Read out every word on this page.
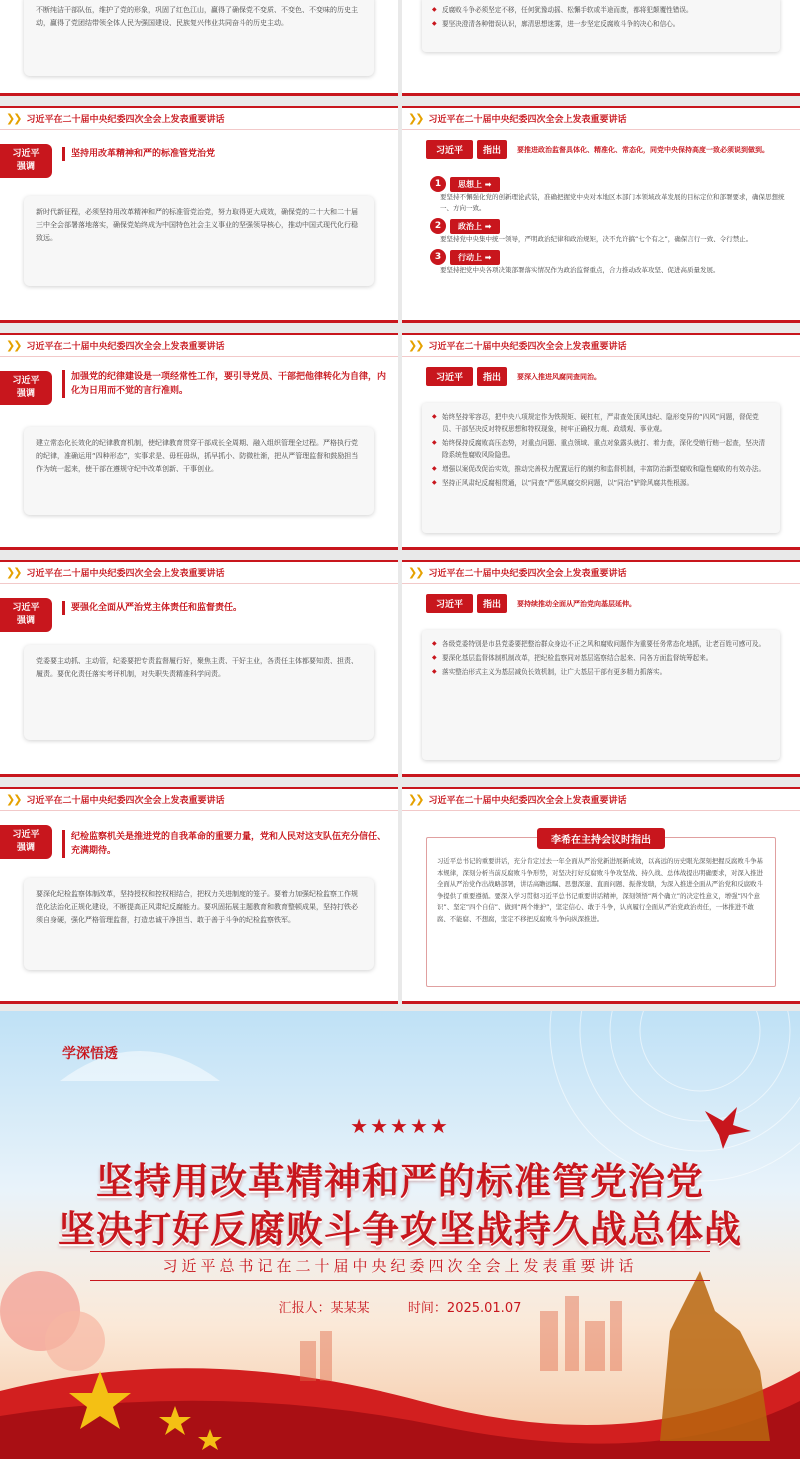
不断纯洁干部队伍，维护了党的形象，巩固了红色江山，赢得了确保党不变质、不变色、不变味的历史主动，赢得了党团结带领全体人民为强国建设、民族复兴伟业共同奋斗的历史主动。
◆ 反腐败斗争必须坚定不移，任何犹豫动摇、松懈手软或半途而废，都将犯颠覆性错误。
◆ 要坚决澄清各种错误认识，廓清思想迷雾，进一步坚定反腐败斗争的决心和信心。
❯❯ 习近平在二十届中央纪委四次全会上发表重要讲话
习近平
强调
坚持用改革精神和严的标准管党治党
新时代新征程，必须坚持用改革精神和严的标准管党治党，努力取得更大成效，确保党的二十大和二十届三中全会部署落地落实，确保党始终成为中国特色社会主义事业的坚强领导核心，推动中国式现代化行稳致远。
❯❯ 习近平在二十届中央纪委四次全会上发表重要讲话
习近平
强调
加强党的纪律建设是一项经常性工作，要引导党员、干部把他律转化为自律，内化为日用而不觉的言行准则。
建立常态化长效化的纪律教育机制，使纪律教育贯穿干部成长全周期、融入组织管理全过程。严格执行党的纪律，准确运用“四种形态”，实事求是、毋枉毋纵，抓早抓小、防微杜渐，把从严管理监督和鼓励担当作为统一起来，使干部在遵规守纪中改革创新、干事创业。
❯❯ 习近平在二十届中央纪委四次全会上发表重要讲话
习近平
强调
要强化全面从严治党主体责任和监督责任。
党委要主动抓、主动管，纪委要把专责监督履行好，聚焦主责、干好主业，各责任主体都要知责、担责、履责。要优化责任落实考评机制，对失职失责精准科学问责。
❯❯ 习近平在二十届中央纪委四次全会上发表重要讲话
习近平
强调
纪检监察机关是推进党的自我革命的重要力量，党和人民对这支队伍充分信任、充满期待。
要深化纪检监察体制改革，坚持授权和控权相结合，把权力关进制度的笼子。要着力加强纪检监察工作规范化法治化正规化建设，不断提高正风肃纪反腐能力。要巩固拓展主题教育和教育整顿成果，坚持打铁必须自身硬，强化严格管理监督，打造忠诚干净担当、敢于善于斗争的纪检监察铁军。
❯❯ 习近平在二十届中央纪委四次全会上发表重要讲话
习近平	指出	要推进政治监督具体化、精准化、常态化，同党中央保持高度一致必须说到做到。
1	思想上 ➡
要坚持不懈强化党的创新理论武装，准确把握党中央对本地区本部门本领域改革发展的目标定位和部署要求，确保思想统一、方向一致。
2	政治上 ➡
要坚持党中央集中统一领导，严明政治纪律和政治规矩，决不允许搞“七个有之”，确保言行一致、令行禁止。
3	行动上 ➡
要坚持把党中央各项决策部署落实情况作为政治监督重点，合力推动改革攻坚、促进高质量发展。
❯❯ 习近平在二十届中央纪委四次全会上发表重要讲话
习近平	指出	要深入推进风腐同查同治。
◆ 始终坚持零容忍，把中央八项规定作为铁规矩、硬杠杠，严肃查处顶风违纪、隐形变异的“四风”问题，督促党员、干部坚决反对特权思想和特权现象，树牢正确权力观、政绩观、事业观。
◆ 始终保持反腐败高压态势，对重点问题、重点领域、重点对象露头就打、着力查，深化受贿行贿一起查，坚决清除系统性腐败风险隐患。
◆ 增强以案促改促治实效，推动完善权力配置运行的制约和监督机制，丰富防治新型腐败和隐性腐败的有效办法。
◆ 坚持正风肃纪反腐相贯通，以“同查”严惩风腐交织问题，以“同治”铲除风腐共性根源。
❯❯ 习近平在二十届中央纪委四次全会上发表重要讲话
习近平	指出	要持续推动全面从严治党向基层延伸。
◆ 各级党委特别是市县党委要把整治群众身边不正之风和腐败问题作为重要任务常态化地抓，让老百姓可感可及。
◆ 要深化基层监督体制机制改革，把纪检监察同对基层巡察结合起来、同各方面监督统筹起来。
◆ 落实整治形式主义为基层减负长效机制，让广大基层干部有更多精力抓落实。
❯❯ 习近平在二十届中央纪委四次全会上发表重要讲话
李希在主持会议时指出
习近平总书记的重要讲话，充分肯定过去一年全面从严治党新进展新成效，以高远的历史眼光深刻把握反腐败斗争基本规律，深刻分析当前反腐败斗争形势，对坚决打好反腐败斗争攻坚战、持久战、总体战提出明确要求，对深入推进全面从严治党作出战略部署，讲话高瞻远瞩、思想深邃、直面问题、振聋发聩，为深入推进全面从严治党和反腐败斗争提供了重要遵循。要深入学习贯彻习近平总书记重要讲话精神，深刻领悟“两个确立”的决定性意义，增强“四个意识”、坚定“四个自信”、做到“两个维护”，坚定信心、敢于斗争，认真履行全面从严治党政治责任，一体推进不敢腐、不能腐、不想腐，坚定不移把反腐败斗争向纵深推进。
学深悟透
★★★★★
坚持用改革精神和严的标准管党治党
坚决打好反腐败斗争攻坚战持久战总体战
习近平总书记在二十届中央纪委四次全会上发表重要讲话
汇报人：某某某	时间：2025.01.07
